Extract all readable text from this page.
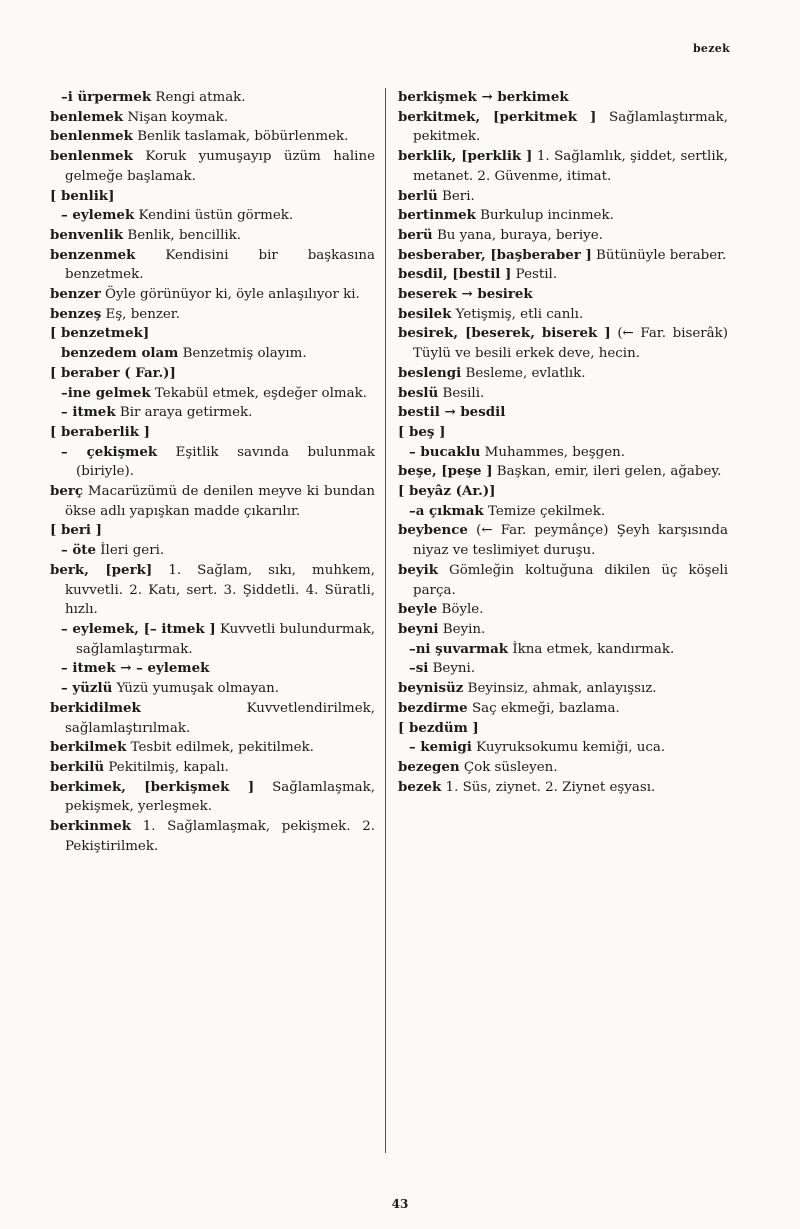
bezek
–i ürpermek Rengi atmak.
benlemek Nişan koymak.
benlenmek Benlik taslamak, böbürlenmek.
benlenmek Koruk yumuşayıp üzüm haline gelmeğe başlamak.
[ benlik]
– eylemek Kendini üstün görmek.
benvenlik Benlik, bencillik.
benzenmek Kendisini bir başkasına benzetmek.
benzer Öyle görünüyor ki, öyle anlaşılıyor ki.
benzeş Eş, benzer.
[ benzetmek]
benzedem olam Benzetmiş olayım.
[ beraber ( Far.)]
–ine gelmek Tekabül etmek, eşdeğer olmak.
– itmek Bir araya getirmek.
[ beraberlik ]
– çekişmek Eşitlik savında bulunmak (biriyle).
berç Macarüzümü de denilen meyve ki bundan ökse adlı yapışkan madde çıkarılır.
[ beri ]
– öte İleri geri.
berk, [perk] 1. Sağlam, sıkı, muhkem, kuvvetli. 2. Katı, sert. 3. Şiddetli. 4. Süratli, hızlı.
– eylemek, [– itmek ] Kuvvetli bulundurmak, sağlamlaştırmak.
– itmek → – eylemek
– yüzlü Yüzü yumuşak olmayan.
berkidilmek Kuvvetlendirilmek, sağlamlaştırılmak.
berkilmek Tesbit edilmek, pekitilmek.
berkilü Pekitilmiş, kapalı.
berkimek, [berkişmek ] Sağlamlaşmak, pekişmek, yerleşmek.
berkinmek 1. Sağlamlaşmak, pekişmek. 2. Pekiştirilmek.
berkişmek → berkimek
berkitmek, [perkitmek ] Sağlamlaştırmak, pekitmek.
berklik, [perklik ] 1. Sağlamlık, şiddet, sertlik, metanet. 2. Güvenme, itimat.
berlü Beri.
bertinmek Burkulup incinmek.
berü Bu yana, buraya, beriye.
besberaber, [başberaber ] Bütünüyle beraber.
besdil, [bestil ] Pestil.
beserek → besirek
besilek Yetişmiş, etli canlı.
besirek, [beserek, biserek ] (← Far. biserâk) Tüylü ve besili erkek deve, hecin.
beslengi Besleme, evlatlık.
beslü Besili.
bestil → besdil
[ beş ]
– bucaklu Muhammes, beşgen.
beşe, [peşe ] Başkan, emir, ileri gelen, ağabey.
[ beyâz (Ar.)]
–a çıkmak Temize çekilmek.
beybence (← Far. peymânçe) Şeyh karşısında niyaz ve teslimiyet duruşu.
beyik Gömleğin koltuğuna dikilen üç köşeli parça.
beyle Böyle.
beyni Beyin.
–ni şuvarmak İkna etmek, kandırmak.
–si Beyni.
beynisüz Beyinsiz, ahmak, anlayışsız.
bezdirme Saç ekmeği, bazlama.
[ bezdüm ]
– kemigi Kuyruksokumu kemiği, uca.
bezegen Çok süsleyen.
bezek 1. Süs, ziynet. 2. Ziynet eşyası.
43
